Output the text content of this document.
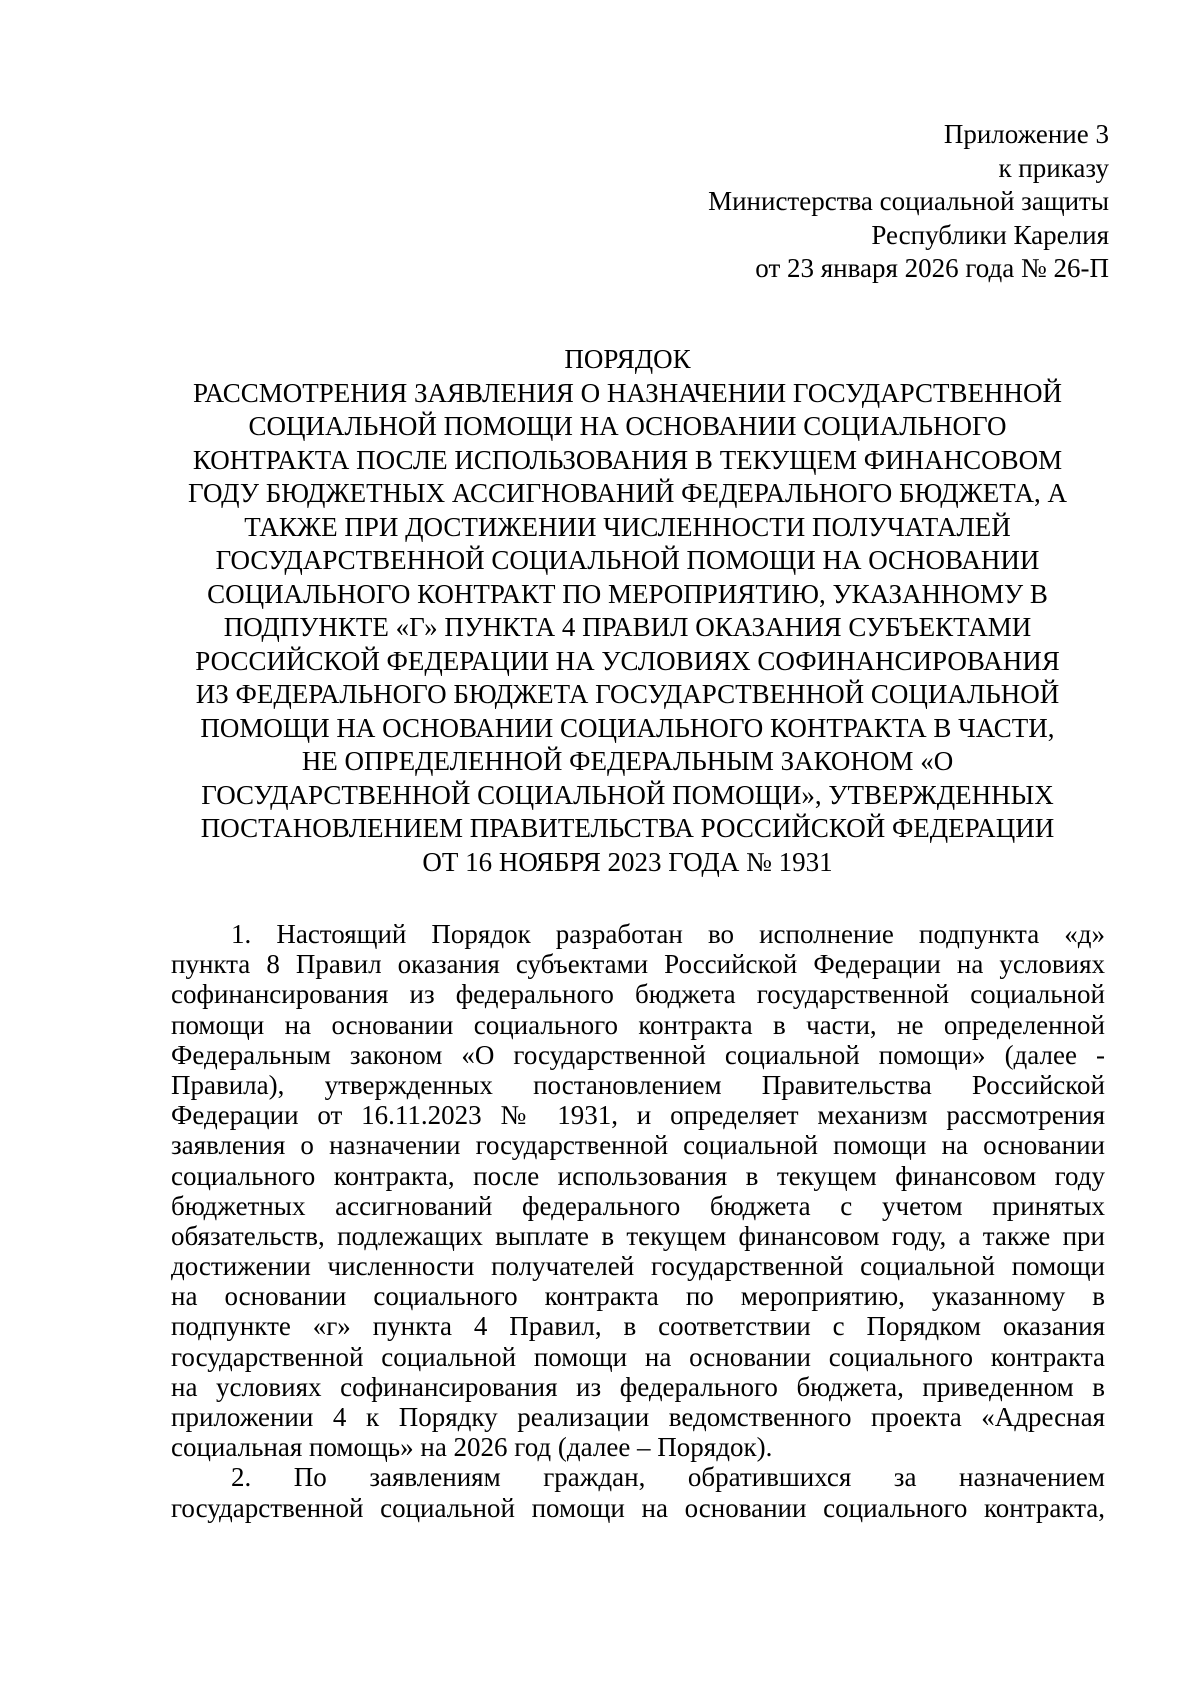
Приложение 3
к приказу
Министерства социальной защиты
Республики Карелия
от 23 января 2026 года № 26-П
ПОРЯДОК
РАССМОТРЕНИЯ ЗАЯВЛЕНИЯ О НАЗНАЧЕНИИ ГОСУДАРСТВЕННОЙ
СОЦИАЛЬНОЙ ПОМОЩИ НА ОСНОВАНИИ СОЦИАЛЬНОГО
КОНТРАКТА ПОСЛЕ ИСПОЛЬЗОВАНИЯ В ТЕКУЩЕМ ФИНАНСОВОМ
ГОДУ БЮДЖЕТНЫХ АССИГНОВАНИЙ ФЕДЕРАЛЬНОГО БЮДЖЕТА, А
ТАКЖЕ ПРИ ДОСТИЖЕНИИ ЧИСЛЕННОСТИ ПОЛУЧАТАЛЕЙ
ГОСУДАРСТВЕННОЙ СОЦИАЛЬНОЙ ПОМОЩИ НА ОСНОВАНИИ
СОЦИАЛЬНОГО КОНТРАКТ ПО МЕРОПРИЯТИЮ, УКАЗАННОМУ В
ПОДПУНКТЕ «Г» ПУНКТА 4 ПРАВИЛ ОКАЗАНИЯ СУБЪЕКТАМИ
РОССИЙСКОЙ ФЕДЕРАЦИИ НА УСЛОВИЯХ СОФИНАНСИРОВАНИЯ
ИЗ ФЕДЕРАЛЬНОГО БЮДЖЕТА ГОСУДАРСТВЕННОЙ СОЦИАЛЬНОЙ
ПОМОЩИ НА ОСНОВАНИИ СОЦИАЛЬНОГО КОНТРАКТА В ЧАСТИ,
НЕ ОПРЕДЕЛЕННОЙ ФЕДЕРАЛЬНЫМ ЗАКОНОМ «О
ГОСУДАРСТВЕННОЙ СОЦИАЛЬНОЙ ПОМОЩИ», УТВЕРЖДЕННЫХ
ПОСТАНОВЛЕНИЕМ ПРАВИТЕЛЬСТВА РОССИЙСКОЙ ФЕДЕРАЦИИ
ОТ 16 НОЯБРЯ 2023 ГОДА № 1931
1. Настоящий Порядок разработан во исполнение подпункта «д»
пункта 8 Правил оказания субъектами Российской Федерации на условиях
софинансирования из федерального бюджета государственной социальной
помощи на основании социального контракта в части, не определенной
Федеральным законом «О государственной социальной помощи» (далее -
Правила), утвержденных постановлением Правительства Российской
Федерации от 16.11.2023 № 1931, и определяет механизм рассмотрения
заявления о назначении государственной социальной помощи на основании
социального контракта, после использования в текущем финансовом году
бюджетных ассигнований федерального бюджета с учетом принятых
обязательств, подлежащих выплате в текущем финансовом году, а также при
достижении численности получателей государственной социальной помощи
на основании социального контракта по мероприятию, указанному в
подпункте «г» пункта 4 Правил, в соответствии с Порядком оказания
государственной социальной помощи на основании социального контракта
на условиях софинансирования из федерального бюджета, приведенном в
приложении 4 к Порядку реализации ведомственного проекта «Адресная
социальная помощь» на 2026 год (далее – Порядок).
2. По заявлениям граждан, обратившихся за назначением
государственной социальной помощи на основании социального контракта,
